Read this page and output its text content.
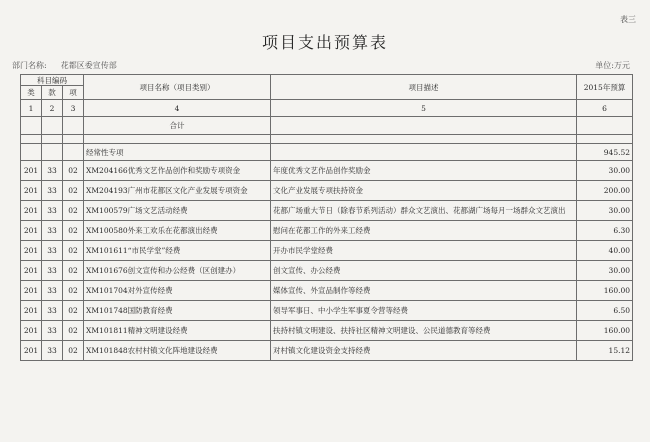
表三
项目支出预算表
部门名称: 花都区委宣传部	单位:万元
科目编码			项目名称（项目类别）	项目描述	2015年预算
类	款	项			
1	2	3	4	5	6
			合计		

			经常性专项		945.52
201	33	02	XM204166优秀文艺作品创作和奖励专项资金	年度优秀文艺作品创作奖励金	30.00
201	33	02	XM204193广州市花都区文化产业发展专项资金	文化产业发展专项扶持资金	200.00
201	33	02	XM100579广场文艺活动经费	花都广场重大节日（除春节系列活动）群众文艺演出、花都湖广场每月一场群众文艺演出	30.00
201	33	02	XM100580外来工欢乐在花都演出经费	慰问在花都工作的外来工经费	6.30
201	33	02	XM101611“市民学堂”经费	开办市民学堂经费	40.00
201	33	02	XM101676创文宣传和办公经费（区创建办）	创文宣传、办公经费	30.00
201	33	02	XM101704对外宣传经费	媒体宣传、外宣品制作等经费	160.00
201	33	02	XM101748国防教育经费	领导军事日、中小学生军事夏令营等经费	6.50
201	33	02	XM101811精神文明建设经费	扶持村镇文明建设、扶持社区精神文明建设、公民道德教育等经费	160.00
201	33	02	XM101848农村村镇文化阵地建设经费	对村镇文化建设资金支持经费	15.12
